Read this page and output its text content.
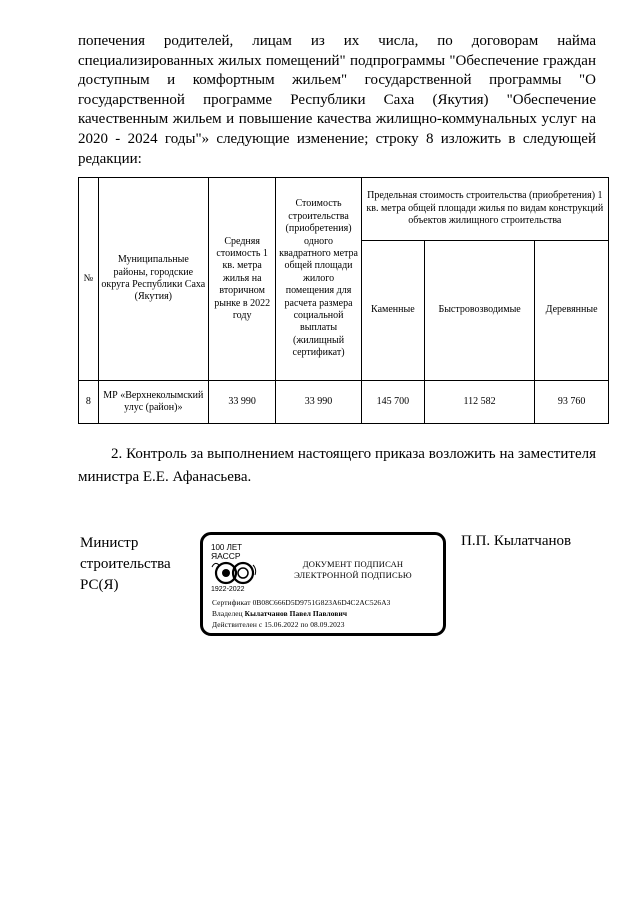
попечения родителей, лицам из их числа, по договорам найма специализированных жилых помещений" подпрограммы "Обеспечение граждан доступным и комфортным жильем" государственной программы "О государственной программе Республики Саха (Якутия) "Обеспечение качественным жильем и повышение качества жилищно-коммунальных услуг на 2020 - 2024 годы"» следующие изменение; строку 8 изложить в следующей редакции:

№	Муниципальные районы, городские округа Республики Саха (Якутия)	Средняя стоимость 1 кв. метра жилья на вторичном рынке в 2022 году	Стоимость строительства (приобретения) одного квадратного метра общей площади жилого помещения для расчета размера социальной выплаты (жилищный сертификат)	Предельная стоимость строительства (приобретения) 1 кв. метра общей площади жилья по видам конструкций объектов жилищного строительства		
				Каменные	Быстровозводимые	Деревянные
8	МР «Верхнеколымский улус (район)»	33 990	33 990	145 700	112 582	93 760

2. Контроль за выполнением настоящего приказа возложить на заместителя министра Е.Е. Афанасьева.

Министр
строительства
РС(Я)
П.П. Кылатчанов
100 ЛЕТ
ЯАССР
1922-2022
ДОКУМЕНТ ПОДПИСАН
ЭЛЕКТРОННОЙ ПОДПИСЬЮ
Сертификат 0B08C666D5D9751G823A6D4C2AC526A3
Владелец Кылатчанов Павел Павлович
Действителен с 15.06.2022 по 08.09.2023
